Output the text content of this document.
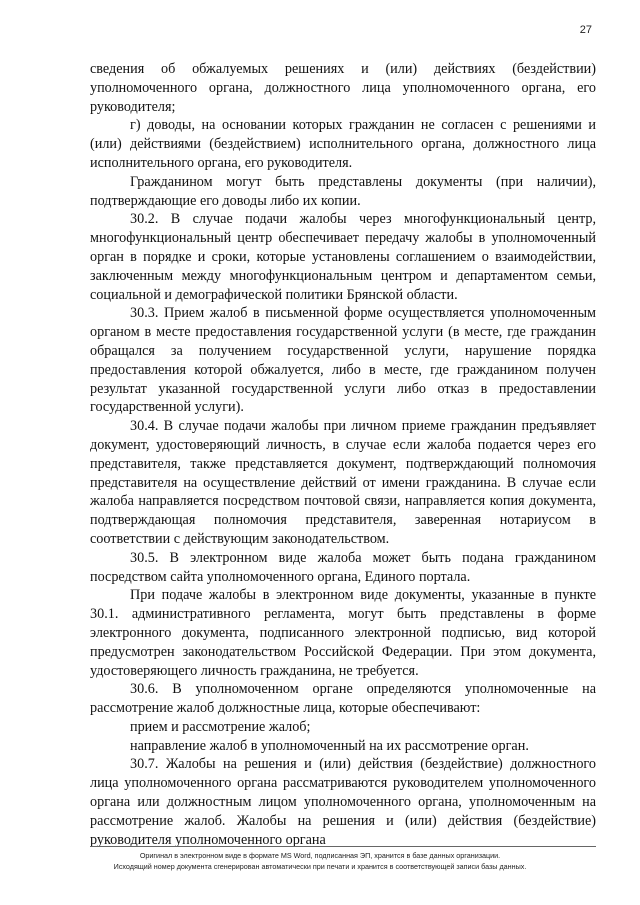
27

сведения об обжалуемых решениях и (или) действиях (бездействии) уполномоченного органа, должностного лица уполномоченного органа, его руководителя;

г) доводы, на основании которых гражданин не согласен с решениями и (или) действиями (бездействием) исполнительного органа, должностного лица исполнительного органа, его руководителя.

Гражданином могут быть представлены документы (при наличии), подтверждающие его доводы либо их копии.

30.2. В случае подачи жалобы через многофункциональный центр, многофункциональный центр обеспечивает передачу жалобы в уполномоченный орган в порядке и сроки, которые установлены соглашением о взаимодействии, заключенным между многофункциональным центром и департаментом семьи, социальной и демографической политики Брянской области.

30.3. Прием жалоб в письменной форме осуществляется уполномоченным органом в месте предоставления государственной услуги (в месте, где гражданин обращался за получением государственной услуги, нарушение порядка предоставления которой обжалуется, либо в месте, где гражданином получен результат указанной государственной услуги либо отказ в предоставлении государственной услуги).

30.4. В случае подачи жалобы при личном приеме гражданин предъявляет документ, удостоверяющий личность, в случае если жалоба подается через его представителя, также представляется документ, подтверждающий полномочия представителя на осуществление действий от имени гражданина. В случае если жалоба направляется посредством почтовой связи, направляется копия документа, подтверждающая полномочия представителя, заверенная нотариусом в соответствии с действующим законодательством.

30.5. В электронном виде жалоба может быть подана гражданином посредством сайта уполномоченного органа, Единого портала.

При подаче жалобы в электронном виде документы, указанные в пункте 30.1. административного регламента, могут быть представлены в форме электронного документа, подписанного электронной подписью, вид которой предусмотрен законодательством Российской Федерации. При этом документа, удостоверяющего личность гражданина, не требуется.

30.6. В уполномоченном органе определяются уполномоченные на рассмотрение жалоб должностные лица, которые обеспечивают:

прием и рассмотрение жалоб;

направление жалоб в уполномоченный на их рассмотрение орган.

30.7. Жалобы на решения и (или) действия (бездействие) должностного лица уполномоченного органа рассматриваются руководителем уполномоченного органа или должностным лицом уполномоченного органа, уполномоченным на рассмотрение жалоб. Жалобы на решения и (или) действия (бездействие) руководителя уполномоченного органа

Оригинал в электронном виде в формате MS Word, подписанная ЭП, хранится в базе данных организации.
Исходящий номер документа сгенерирован автоматически при печати и хранится в соответствующей записи базы данных.
